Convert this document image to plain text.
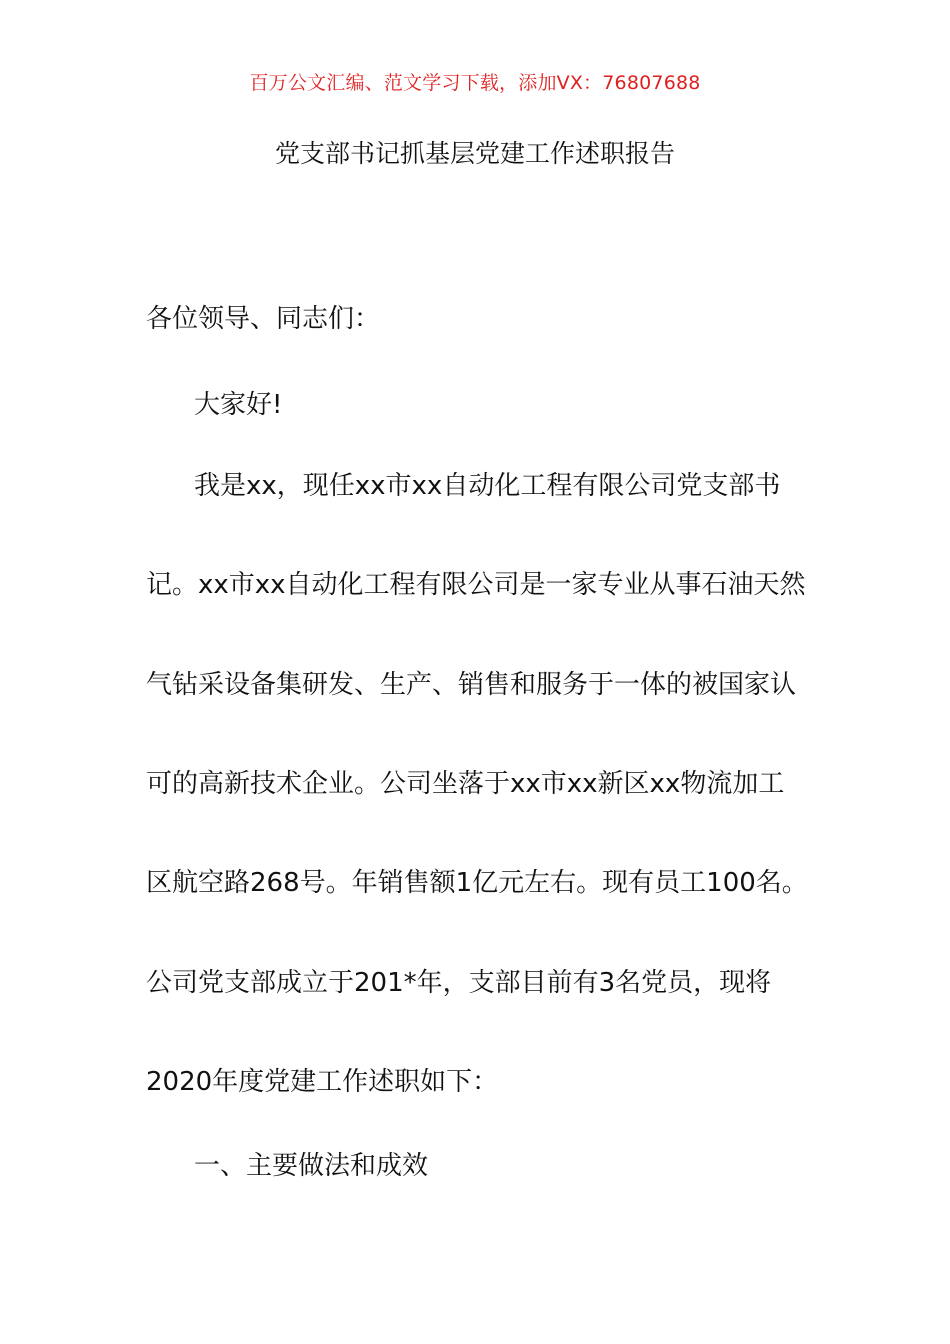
百万公文汇编、范文学习下载，添加VX：76807688
党支部书记抓基层党建工作述职报告
各位领导、同志们：
大家好!
我是xx，现任xx市xx自动化工程有限公司党支部书
记。xx市xx自动化工程有限公司是一家专业从事石油天然
气钻采设备集研发、生产、销售和服务于一体的被国家认
可的高新技术企业。公司坐落于xx市xx新区xx物流加工
区航空路268号。年销售额1亿元左右。现有员工100名。
公司党支部成立于201*年，支部目前有3名党员，现将
2020年度党建工作述职如下：
一、主要做法和成效
